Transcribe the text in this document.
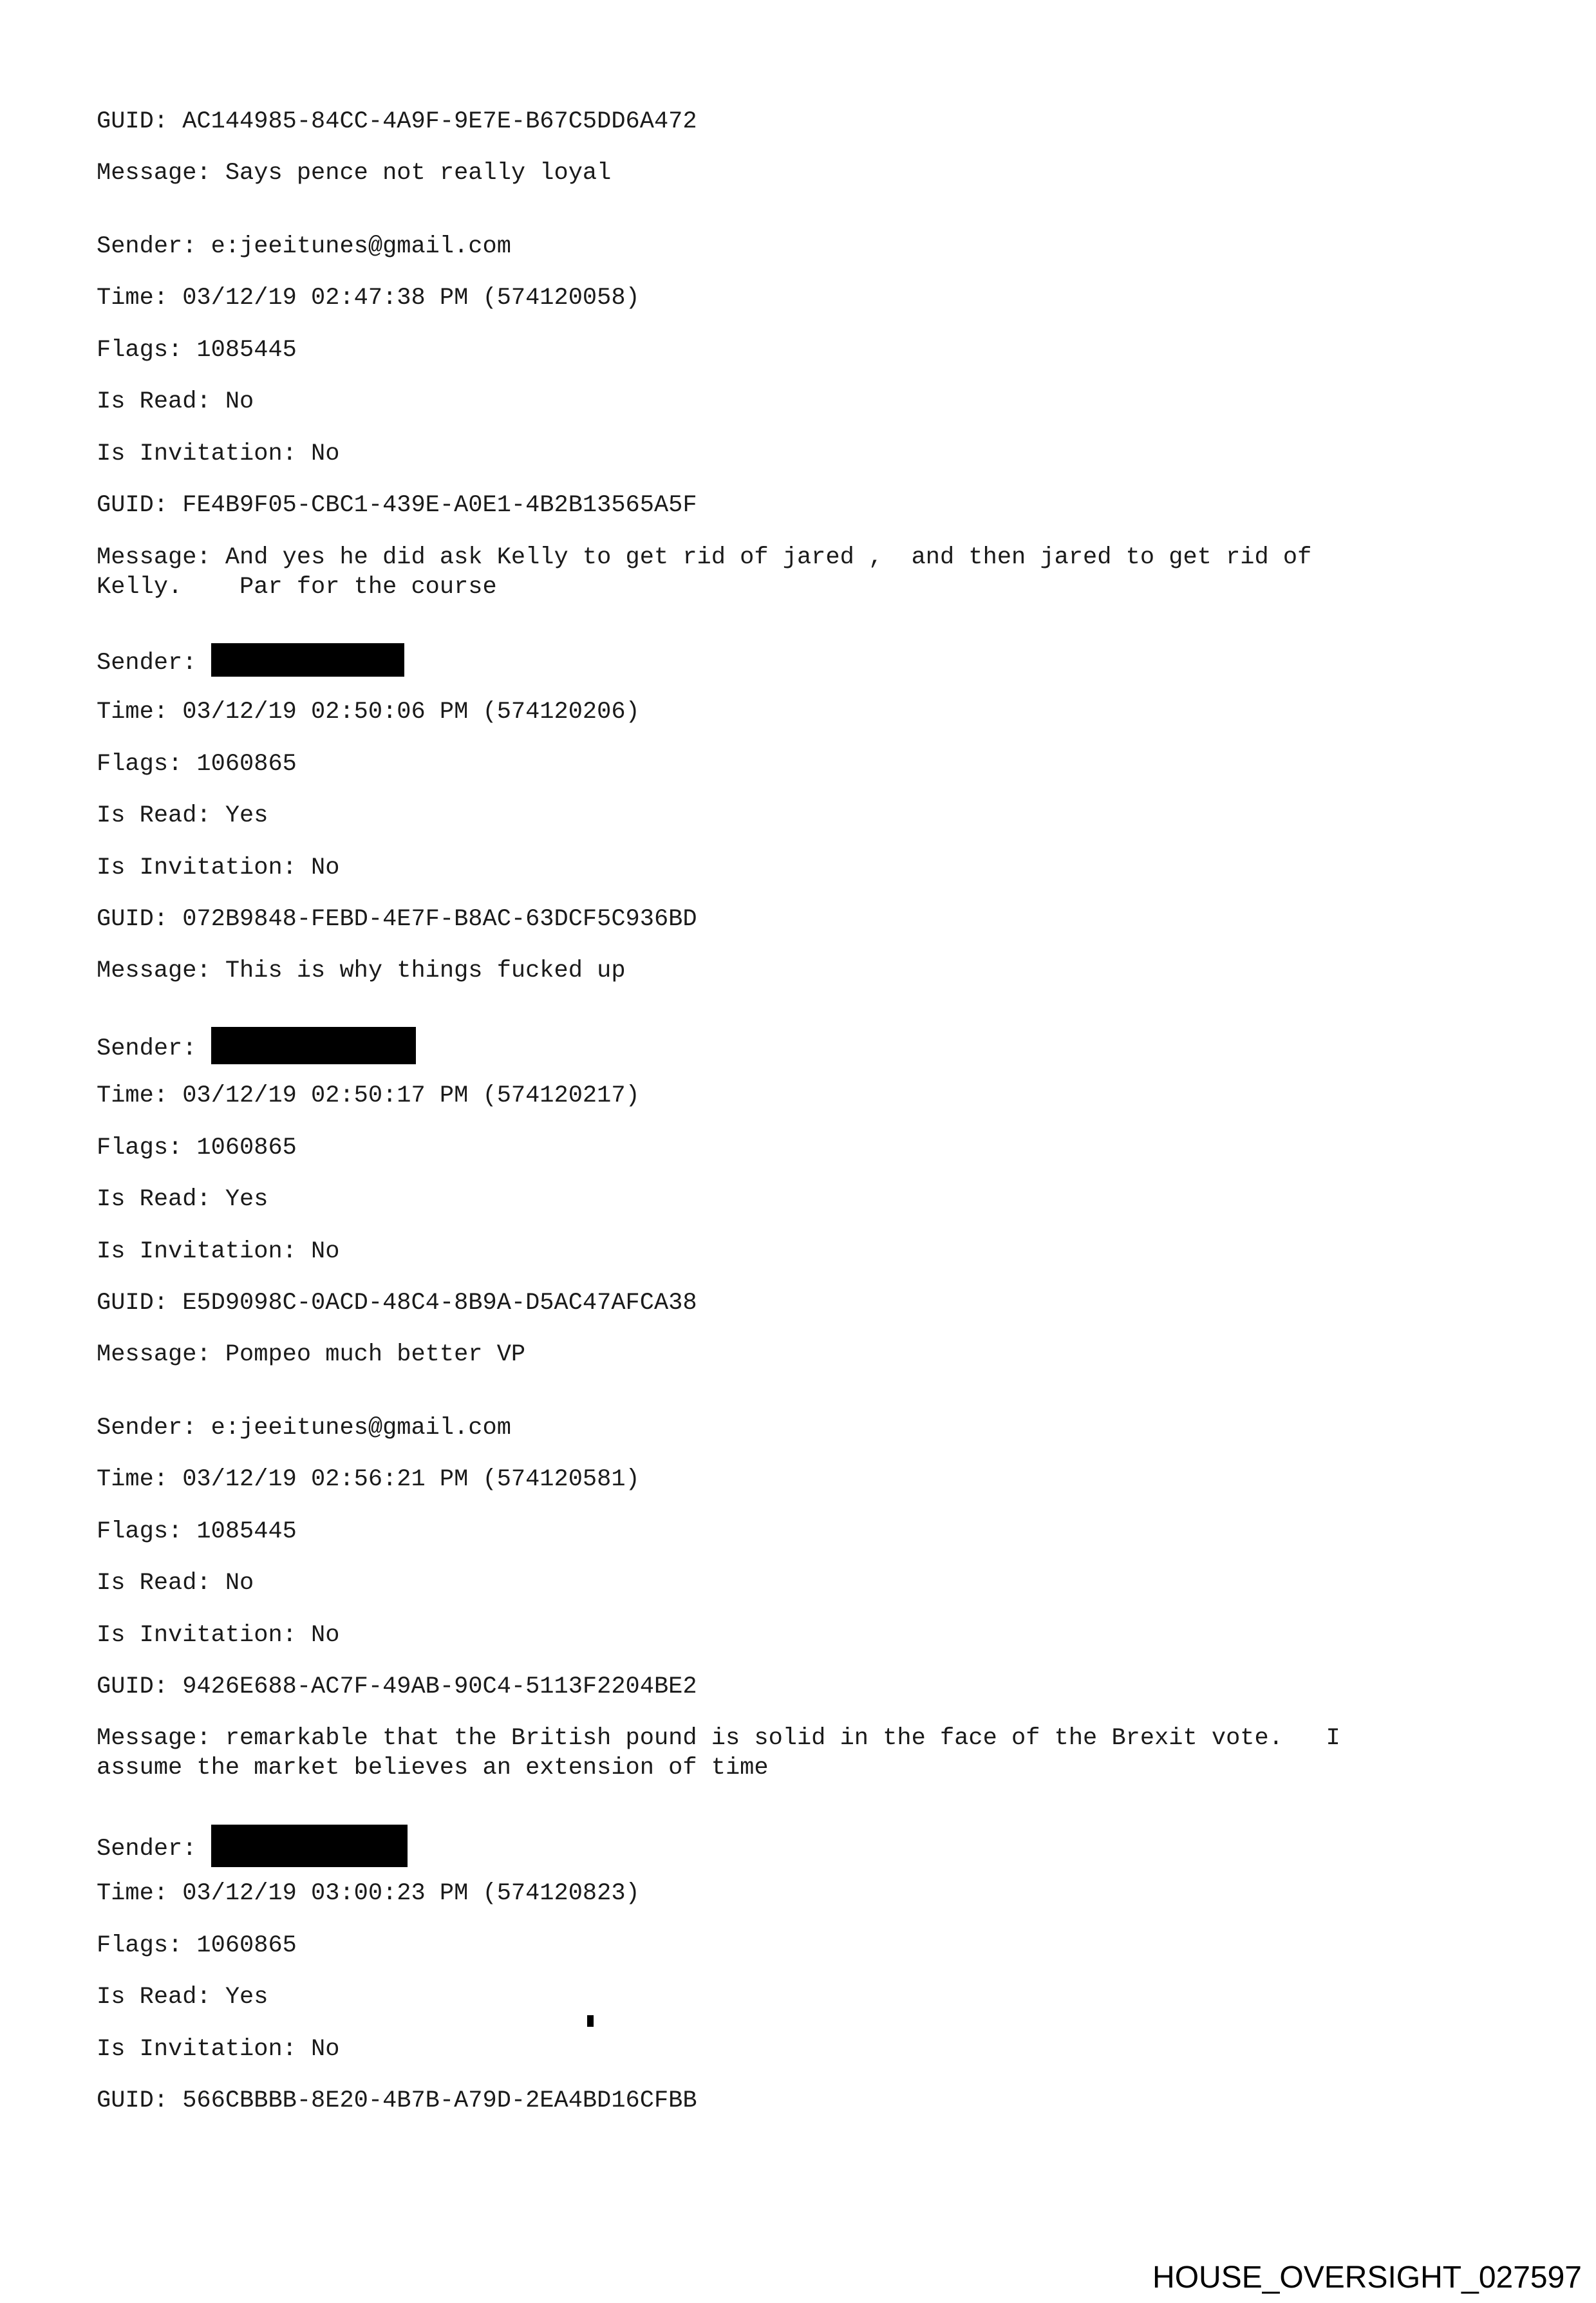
GUID: AC144985-84CC-4A9F-9E7E-B67C5DD6A472
Message: Says pence not really loyal
Sender: e:jeeitunes@gmail.com
Time: 03/12/19 02:47:38 PM (574120058)
Flags: 1085445
Is Read: No
Is Invitation: No
GUID: FE4B9F05-CBC1-439E-A0E1-4B2B13565A5F
Message: And yes he did ask Kelly to get rid of jared ,  and then jared to get rid of
Kelly.    Par for the course
Sender:
Time: 03/12/19 02:50:06 PM (574120206)
Flags: 1060865
Is Read: Yes
Is Invitation: No
GUID: 072B9848-FEBD-4E7F-B8AC-63DCF5C936BD
Message: This is why things fucked up
Sender:
Time: 03/12/19 02:50:17 PM (574120217)
Flags: 1060865
Is Read: Yes
Is Invitation: No
GUID: E5D9098C-0ACD-48C4-8B9A-D5AC47AFCA38
Message: Pompeo much better VP
Sender: e:jeeitunes@gmail.com
Time: 03/12/19 02:56:21 PM (574120581)
Flags: 1085445
Is Read: No
Is Invitation: No
GUID: 9426E688-AC7F-49AB-90C4-5113F2204BE2
Message: remarkable that the British pound is solid in the face of the Brexit vote.   I
assume the market believes an extension of time
Sender:
Time: 03/12/19 03:00:23 PM (574120823)
Flags: 1060865
Is Read: Yes
Is Invitation: No
GUID: 566CBBBB-8E20-4B7B-A79D-2EA4BD16CFBB
HOUSE_OVERSIGHT_027597
